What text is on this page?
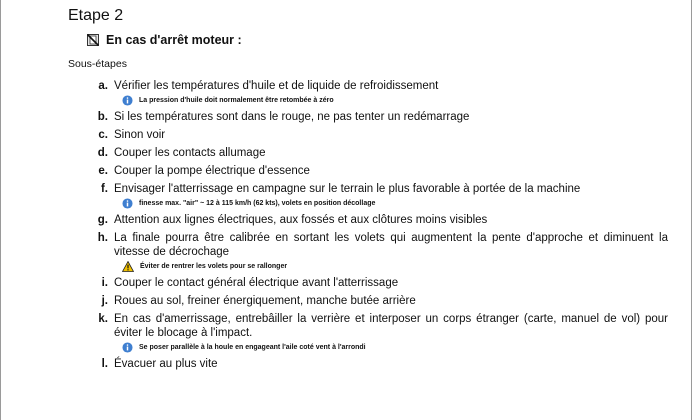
Etape 2
En cas d'arrêt moteur :
Sous-étapes
a. Vérifier les températures d'huile et de liquide de refroidissement
La pression d'huile doit normalement être retombée à zéro
b. Si les températures sont dans le rouge, ne pas tenter un redémarrage
c. Sinon voir
d. Couper les contacts allumage
e. Couper la pompe électrique d'essence
f. Envisager l'atterrissage en campagne sur le terrain le plus favorable à portée de la machine
finesse max. "air" ~ 12 à 115 km/h (62 kts), volets en position décollage
g. Attention aux lignes électriques, aux fossés et aux clôtures moins visibles
h. La finale pourra être calibrée en sortant les volets qui augmentent la pente d'approche et diminuent la vitesse de décrochage
Éviter de rentrer les volets pour se rallonger
i. Couper le contact général électrique avant l'atterrissage
j. Roues au sol, freiner énergiquement, manche butée arrière
k. En cas d'amerrissage, entrebâiller la verrière et interposer un corps étranger (carte, manuel de vol) pour éviter le blocage à l'impact.
Se poser parallèle à la houle en engageant l'aile coté vent à l'arrondi
l. Évacuer au plus vite
